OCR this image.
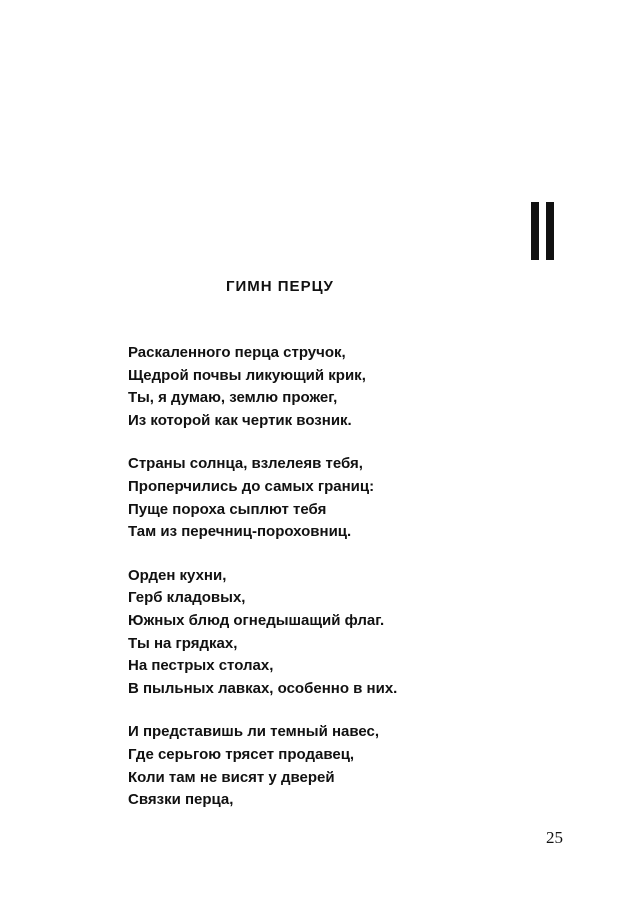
ГИМН ПЕРЦУ
Раскаленного перца стручок,
Щедрой почвы ликующий крик,
Ты, я думаю, землю прожег,
Из которой как чертик возник.
Страны солнца, взлелеяв тебя,
Проперчились до самых границ:
Пуще пороха сыплют тебя
Там из перечниц-пороховниц.
Орден кухни,
Герб кладовых,
Южных блюд огнедышащий флаг.
Ты на грядках,
На пестрых столах,
В пыльных лавках, особенно в них.
И представишь ли темный навес,
Где серьгою трясет продавец,
Коли там не висят у дверей
Связки перца,
25
